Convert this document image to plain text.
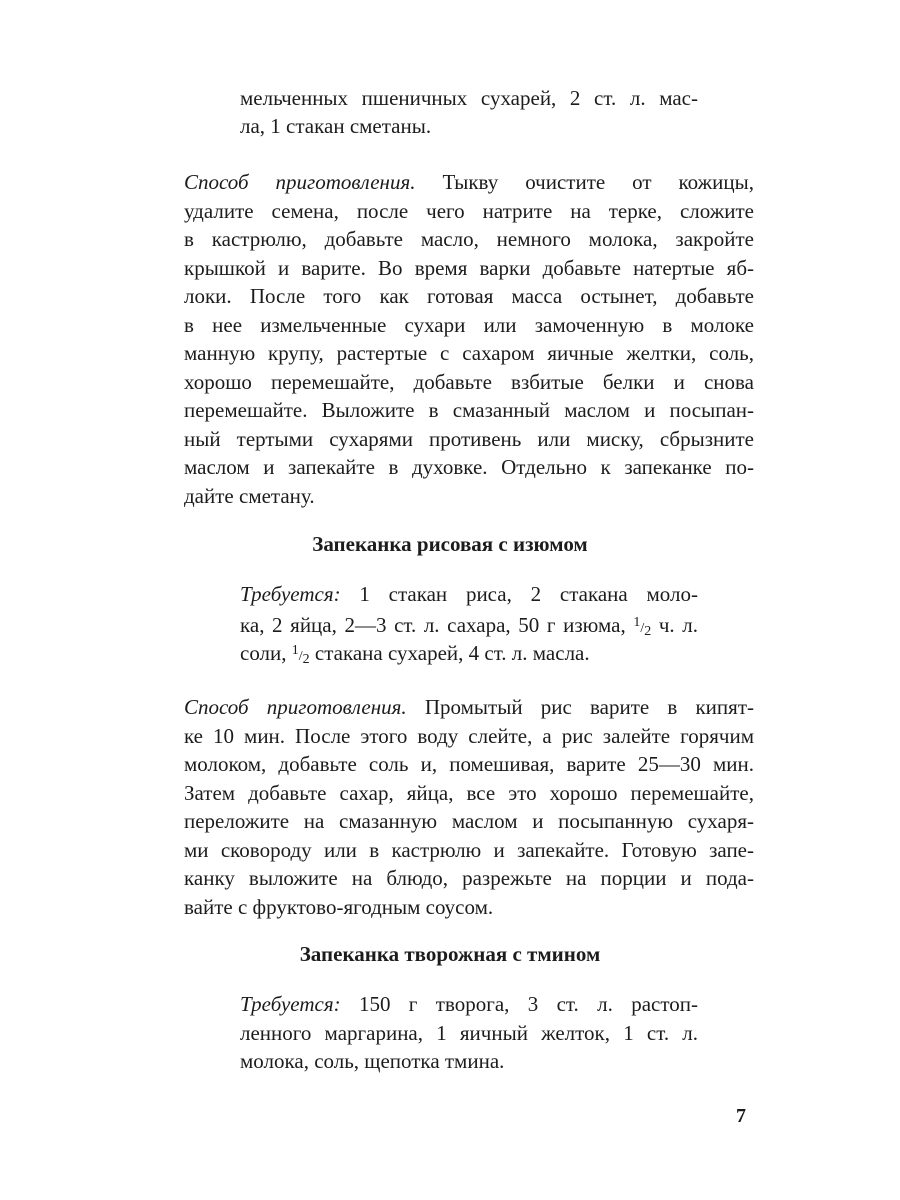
мельченных пшеничных сухарей, 2 ст. л. мас-
ла, 1 стакан сметаны.
Способ приготовления. Тыкву очистите от кожицы,
удалите семена, после чего натрите на терке, сложите
в кастрюлю, добавьте масло, немного молока, закройте
крышкой и варите. Во время варки добавьте натертые яб-
локи. После того как готовая масса остынет, добавьте
в нее измельченные сухари или замоченную в молоке
манную крупу, растертые с сахаром яичные желтки, соль,
хорошо перемешайте, добавьте взбитые белки и снова
перемешайте. Выложите в смазанный маслом и посыпан-
ный тертыми сухарями противень или миску, сбрызните
маслом и запекайте в духовке. Отдельно к запеканке по-
дайте сметану.
Запеканка рисовая с изюмом
Требуется: 1 стакан риса, 2 стакана моло-
ка, 2 яйца, 2—3 ст. л. сахара, 50 г изюма, 1/2 ч. л.
соли, 1/2 стакана сухарей, 4 ст. л. масла.
Способ приготовления. Промытый рис варите в кипят-
ке 10 мин. После этого воду слейте, а рис залейте горячим
молоком, добавьте соль и, помешивая, варите 25—30 мин.
Затем добавьте сахар, яйца, все это хорошо перемешайте,
переложите на смазанную маслом и посыпанную сухаря-
ми сковороду или в кастрюлю и запекайте. Готовую запе-
канку выложите на блюдо, разрежьте на порции и пода-
вайте с фруктово-ягодным соусом.
Запеканка творожная с тмином
Требуется: 150 г творога, 3 ст. л. растоп-
ленного маргарина, 1 яичный желток, 1 ст. л.
молока, соль, щепотка тмина.
7
